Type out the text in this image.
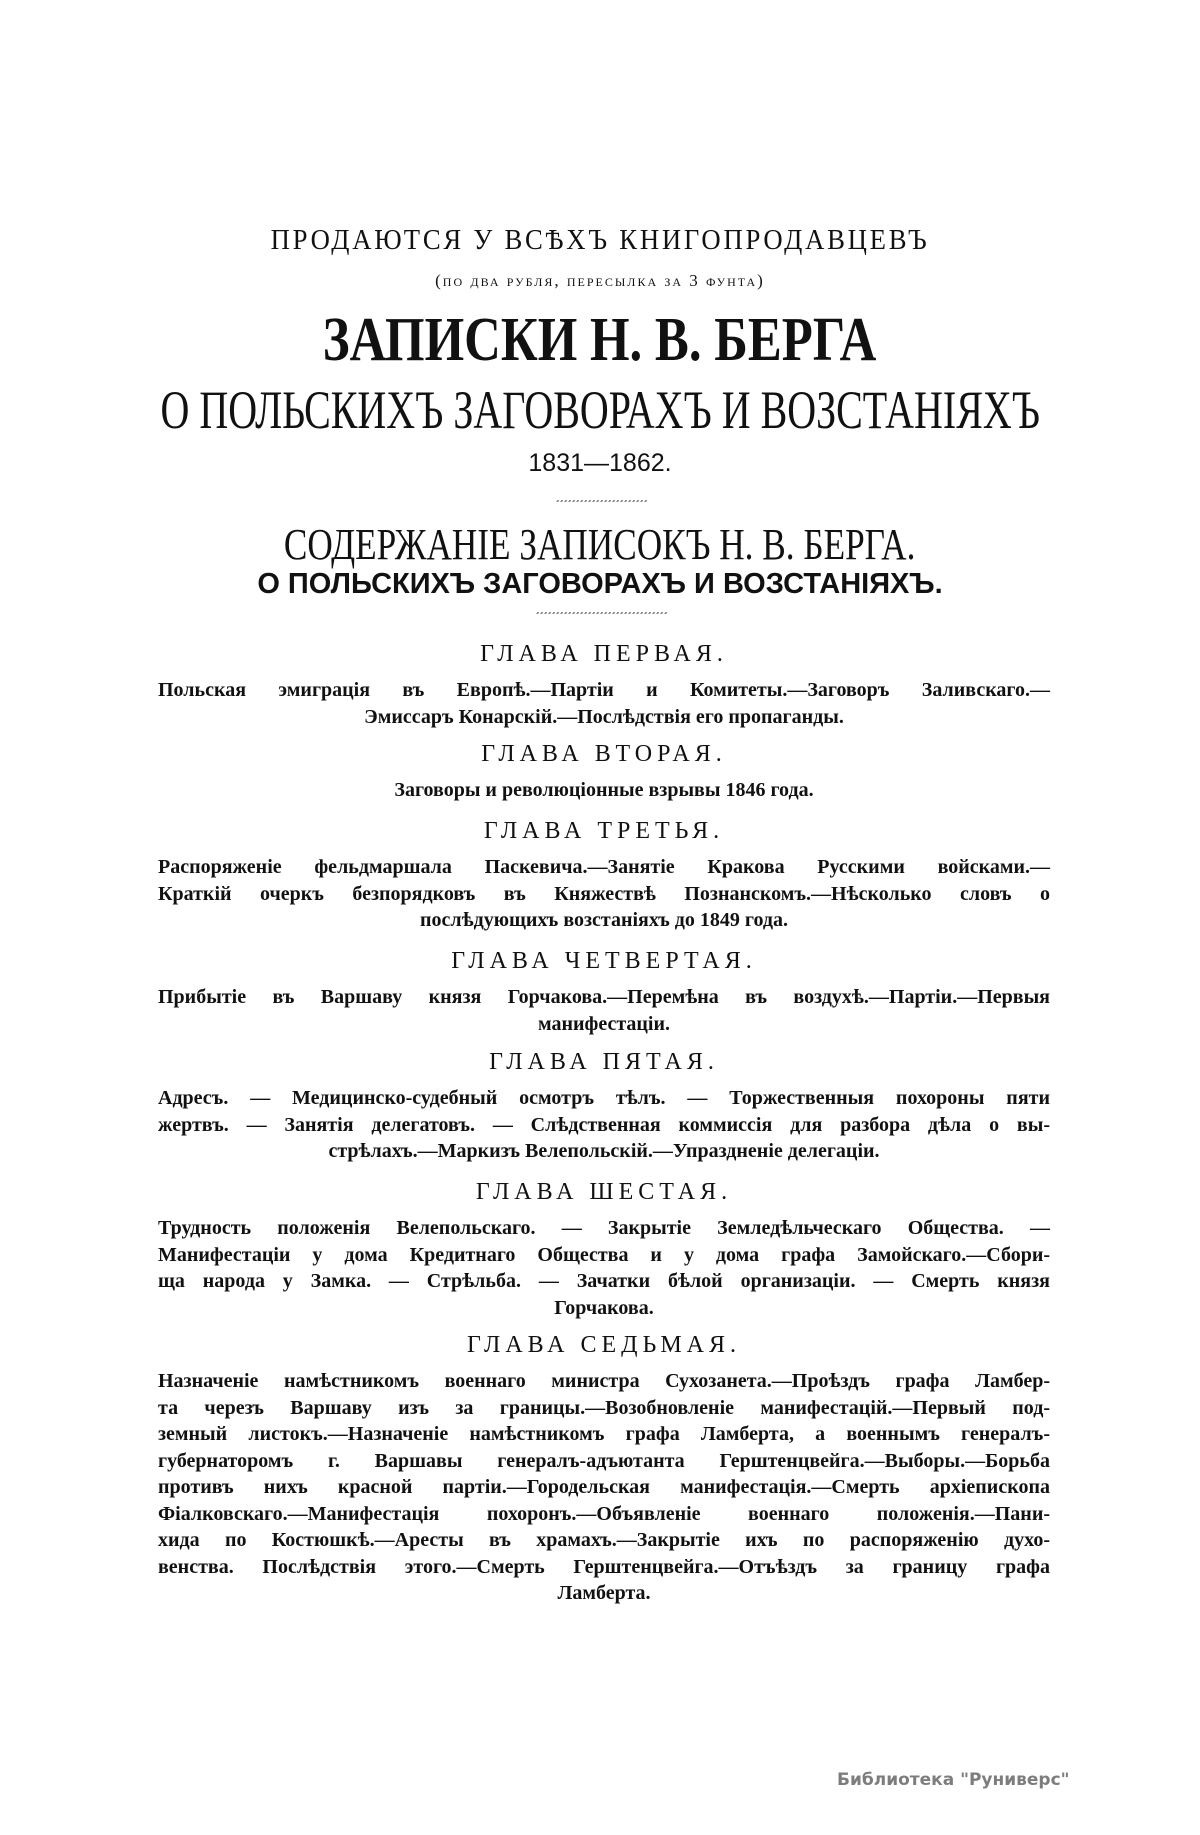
ПРОДАЮТСЯ У ВСѢХЪ КНИГОПРОДАВЦЕВЪ
(по два рубля, пересылка за 3 фунта)
ЗАПИСКИ Н. В. БЕРГА
О ПОЛЬСКИХЪ ЗАГОВОРАХЪ И ВОЗСТАНІЯХЪ
1831—1862.
СОДЕРЖАНІЕ ЗАПИСОКЪ Н. В. БЕРГА.
О ПОЛЬСКИХЪ ЗАГОВОРАХЪ И ВОЗСТАНІЯХЪ.
ГЛАВА ПЕРВАЯ.
Польская эмиграція въ Европѣ.—Партіи и Комитеты.—Заговоръ Заливскаго.—
Эмиссаръ Конарскій.—Послѣдствія его пропаганды.
ГЛАВА ВТОРАЯ.
Заговоры и революціонные взрывы 1846 года.
ГЛАВА ТРЕТЬЯ.
Распоряженіе фельдмаршала Паскевича.—Занятіе Кракова Русскими войсками.—
Краткій очеркъ безпорядковъ въ Княжествѣ Познанскомъ.—Нѣсколько словъ о
послѣдующихъ возстаніяхъ до 1849 года.
ГЛАВА ЧЕТВЕРТАЯ.
Прибытіе въ Варшаву князя Горчакова.—Перемѣна въ воздухѣ.—Партіи.—Первыя
манифестаціи.
ГЛАВА ПЯТАЯ.
Адресъ. — Медицинско-судебный осмотръ тѣлъ. — Торжественныя похороны пяти
жертвъ. — Занятія делегатовъ. — Слѣдственная коммиссія для разбора дѣла о вы-
стрѣлахъ.—Маркизъ Велепольскій.—Упраздненіе делегаціи.
ГЛАВА ШЕСТАЯ.
Трудность положенія Велепольскаго. — Закрытіе Земледѣльческаго Общества. —
Манифестаціи у дома Кредитнаго Общества и у дома графа Замойскаго.—Сбори-
ща народа у Замка. — Стрѣльба. — Зачатки бѣлой организаціи. — Смерть князя
Горчакова.
ГЛАВА СЕДЬМАЯ.
Назначеніе намѣстникомъ военнаго министра Сухозанета.—Проѣздъ графа Ламбер-
та черезъ Варшаву изъ за границы.—Возобновленіе манифестацій.—Первый под-
земный листокъ.—Назначеніе намѣстникомъ графа Ламберта, а военнымъ генералъ-
губернаторомъ г. Варшавы генералъ-адъютанта Герштенцвейга.—Выборы.—Борьба
противъ нихъ красной партіи.—Городельская манифестація.—Смерть архіепископа
Фіалковскаго.—Манифестація похоронъ.—Объявленіе военнаго положенія.—Пани-
хида по Костюшкѣ.—Аресты въ храмахъ.—Закрытіе ихъ по распоряженію духо-
венства. Послѣдствія этого.—Смерть Герштенцвейга.—Отъѣздъ за границу графа
Ламберта.
Библиотека "Руниверс"
